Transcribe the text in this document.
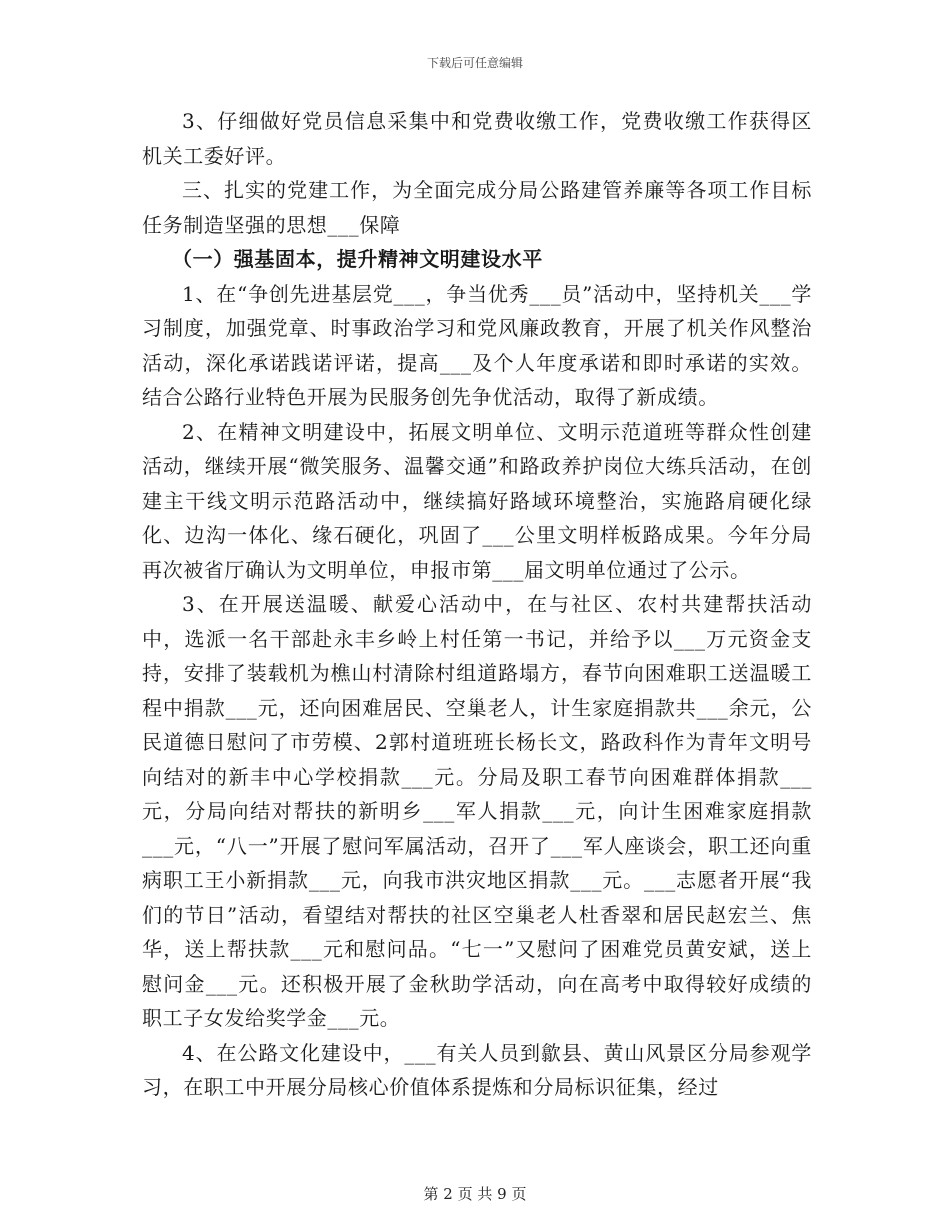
下载后可任意编辑

3、仔细做好党员信息采集中和党费收缴工作，党费收缴工作获得区机关工委好评。

三、扎实的党建工作，为全面完成分局公路建管养廉等各项工作目标任务制造坚强的思想___保障

（一）强基固本，提升精神文明建设水平

1、在“争创先进基层党___，争当优秀___员”活动中，坚持机关___学习制度，加强党章、时事政治学习和党风廉政教育，开展了机关作风整治活动，深化承诺践诺评诺，提高___及个人年度承诺和即时承诺的实效。结合公路行业特色开展为民服务创先争优活动，取得了新成绩。

2、在精神文明建设中，拓展文明单位、文明示范道班等群众性创建活动，继续开展“微笑服务、温馨交通”和路政养护岗位大练兵活动，在创建主干线文明示范路活动中，继续搞好路域环境整治，实施路肩硬化绿化、边沟一体化、缘石硬化，巩固了___公里文明样板路成果。今年分局再次被省厅确认为文明单位，申报市第___届文明单位通过了公示。

3、在开展送温暖、献爱心活动中，在与社区、农村共建帮扶活动中，选派一名干部赴永丰乡岭上村任第一书记，并给予以___万元资金支持，安排了装载机为樵山村清除村组道路塌方，春节向困难职工送温暖工程中捐款___元，还向困难居民、空巢老人，计生家庭捐款共___余元，公民道德日慰问了市劳模、2郭村道班班长杨长文，路政科作为青年文明号向结对的新丰中心学校捐款___元。分局及职工春节向困难群体捐款___元，分局向结对帮扶的新明乡___军人捐款___元，向计生困难家庭捐款___元，“八一”开展了慰问军属活动，召开了___军人座谈会，职工还向重病职工王小新捐款___元，向我市洪灾地区捐款___元。___志愿者开展“我们的节日”活动，看望结对帮扶的社区空巢老人杜香翠和居民赵宏兰、焦华，送上帮扶款___元和慰问品。“七一”又慰问了困难党员黄安斌，送上慰问金___元。还积极开展了金秋助学活动，向在高考中取得较好成绩的职工子女发给奖学金___元。

4、在公路文化建设中，___有关人员到歙县、黄山风景区分局参观学习，在职工中开展分局核心价值体系提炼和分局标识征集，经过

第 2 页 共 9 页
